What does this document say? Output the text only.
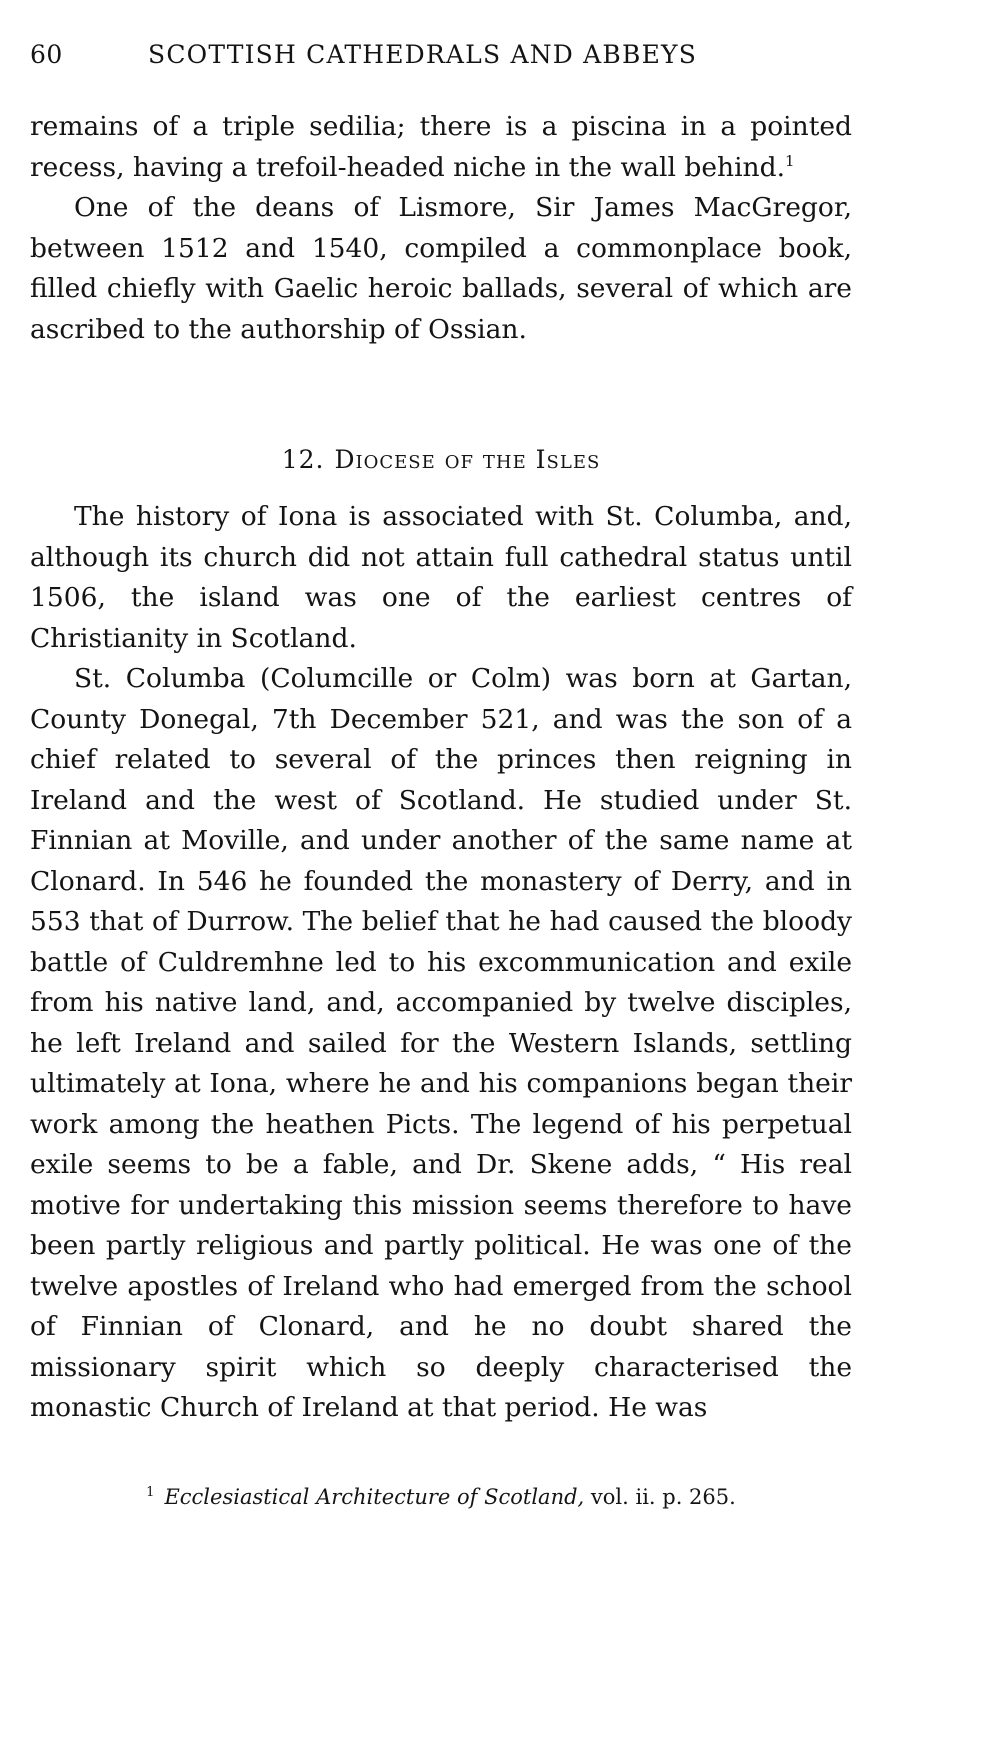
60	SCOTTISH CATHEDRALS AND ABBEYS

remains of a triple sedilia; there is a piscina in a pointed recess, having a trefoil-headed niche in the wall behind.$^1$

One of the deans of Lismore, Sir James MacGregor, between 1512 and 1540, compiled a commonplace book, filled chiefly with Gaelic heroic ballads, several of which are ascribed to the authorship of Ossian.

12. Diocese of the Isles

The history of Iona is associated with St. Columba, and, although its church did not attain full cathedral status until 1506, the island was one of the earliest centres of Christianity in Scotland.

St. Columba (Columcille or Colm) was born at Gartan, County Donegal, 7th December 521, and was the son of a chief related to several of the princes then reigning in Ireland and the west of Scotland. He studied under St. Finnian at Moville, and under another of the same name at Clonard. In 546 he founded the monastery of Derry, and in 553 that of Durrow. The belief that he had caused the bloody battle of Culdremhne led to his excommunication and exile from his native land, and, accompanied by twelve disciples, he left Ireland and sailed for the Western Islands, settling ultimately at Iona, where he and his companions began their work among the heathen Picts. The legend of his perpetual exile seems to be a fable, and Dr. Skene adds, “ His real motive for undertaking this mission seems therefore to have been partly religious and partly political. He was one of the twelve apostles of Ireland who had emerged from the school of Finnian of Clonard, and he no doubt shared the missionary spirit which so deeply characterised the monastic Church of Ireland at that period. He was

$^1$ Ecclesiastical Architecture of Scotland, vol. ii. p. 265.
